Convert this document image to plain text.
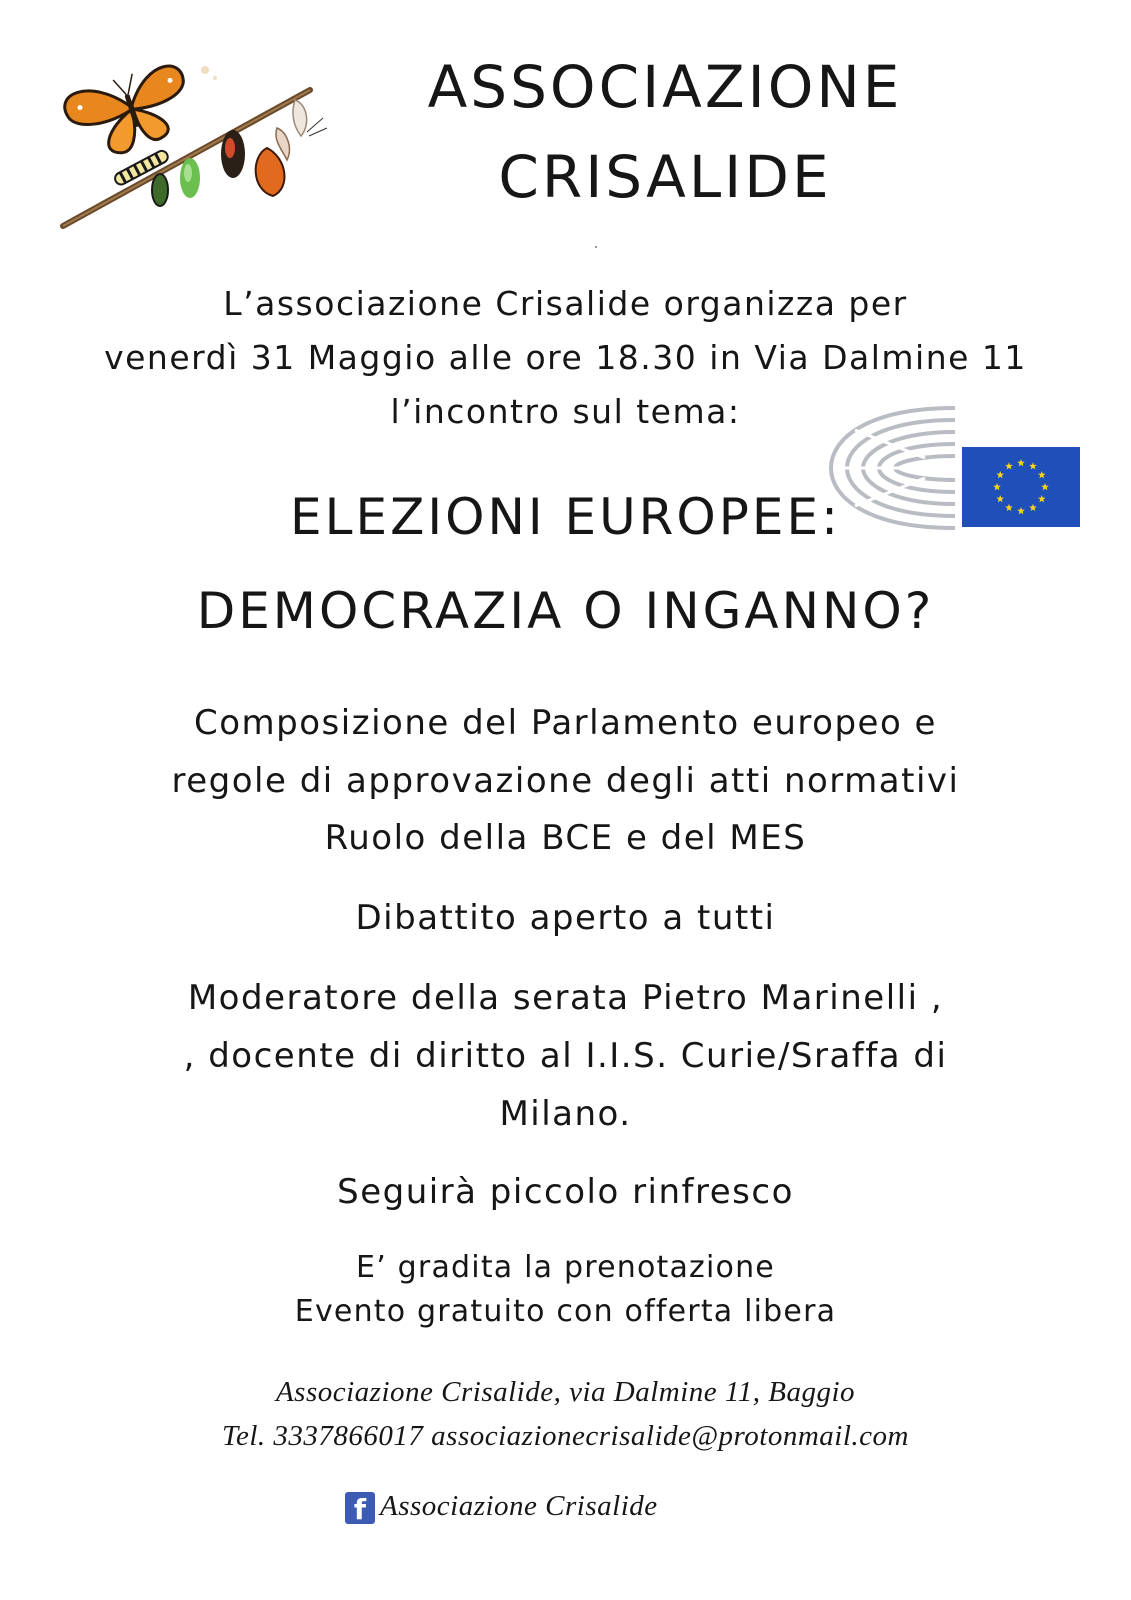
ASSOCIAZIONE
CRISALIDE
L’associazione Crisalide organizza per
venerdì 31 Maggio alle ore 18.30 in Via Dalmine 11
l’incontro sul tema:
ELEZIONI EUROPEE:
DEMOCRAZIA O INGANNO?
Composizione del Parlamento europeo e
regole di approvazione degli atti normativi
Ruolo della BCE e del MES
Dibattito aperto a tutti
Moderatore della serata Pietro Marinelli ,
, docente di diritto al I.I.S. Curie/Sraffa di
Milano.
Seguirà piccolo rinfresco
E’ gradita la prenotazione
Evento gratuito con offerta libera
Associazione Crisalide, via Dalmine 11, Baggio
Tel. 3337866017 associazionecrisalide@protonmail.com
f Associazione Crisalide
